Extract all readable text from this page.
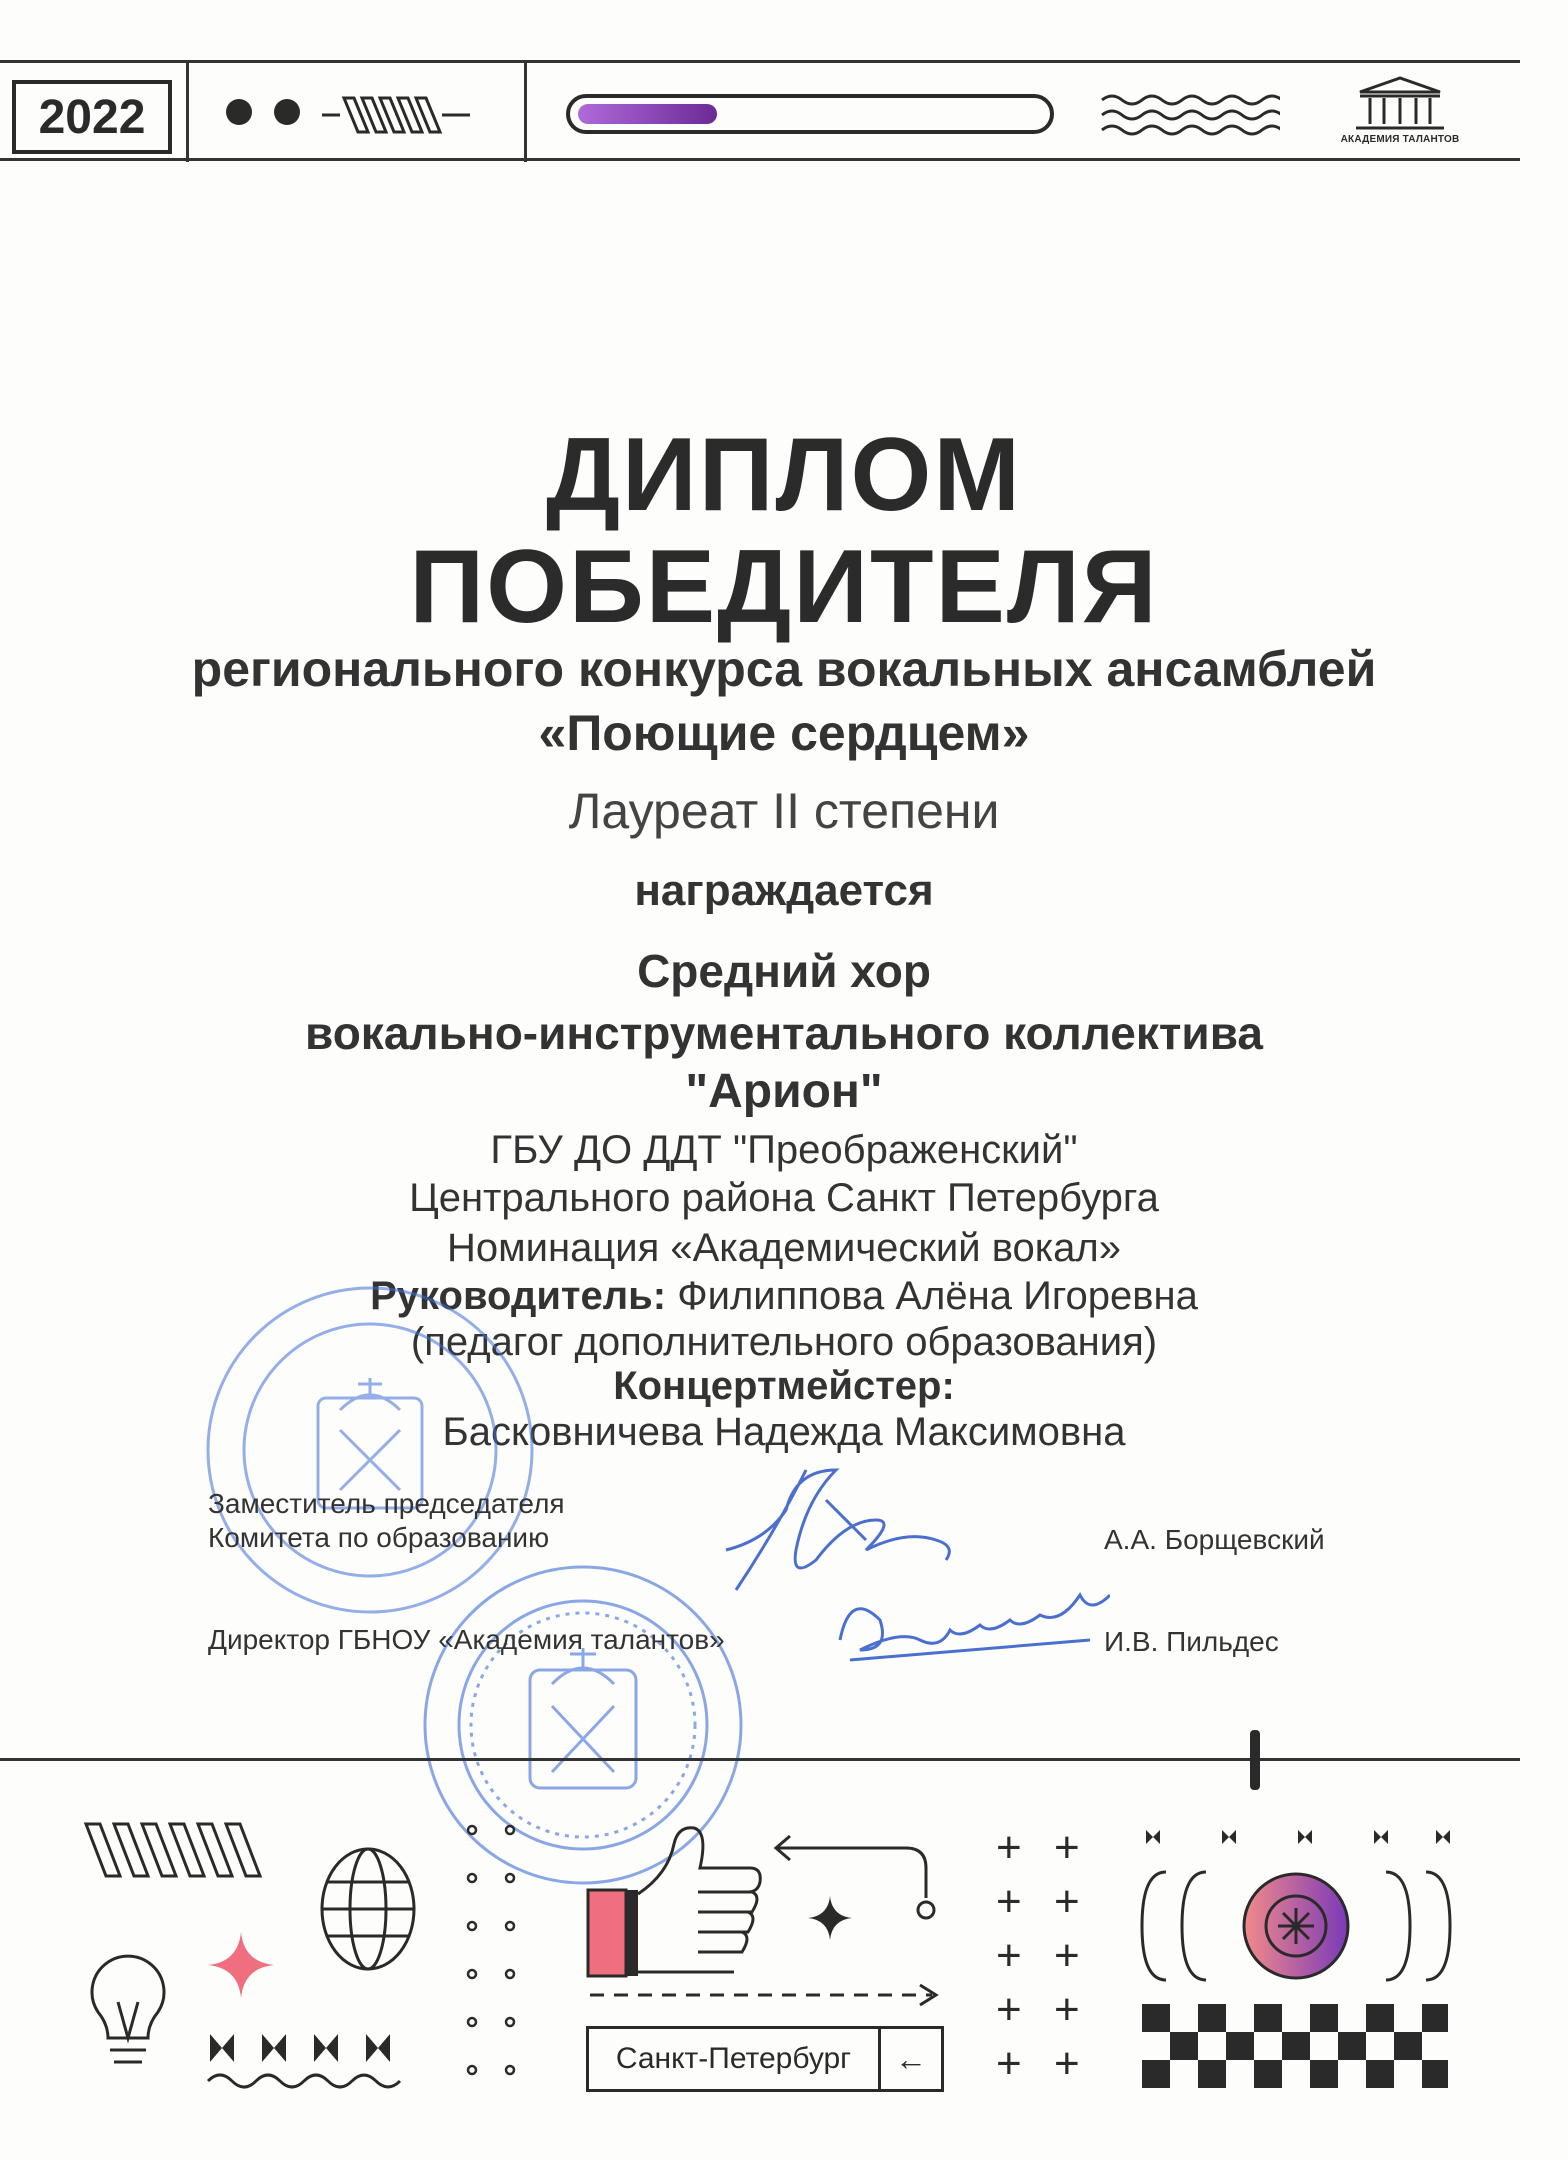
2022	АКАДЕМИЯ ТАЛАНТОВ
ДИПЛОМ
ПОБЕДИТЕЛЯ
регионального конкурса вокальных ансамблей
«Поющие сердцем»
Лауреат II степени
награждается
Средний хор
вокально-инструментального коллектива
"Арион"
ГБУ ДО ДДТ "Преображенский"
Центрального района Санкт Петербурга
Номинация «Академический вокал»
Руководитель: Филиппова Алёна Игоревна
(педагог дополнительного образования)
Концертмейстер:
Басковничева Надежда Максимовна
Заместитель председателя
Комитета по образованию	А.А. Борщевский
Директор ГБНОУ «Академия талантов»	И.В. Пильдес
Санкт-Петербург	←
+ +
+ +
+ +
+ +
+ +
